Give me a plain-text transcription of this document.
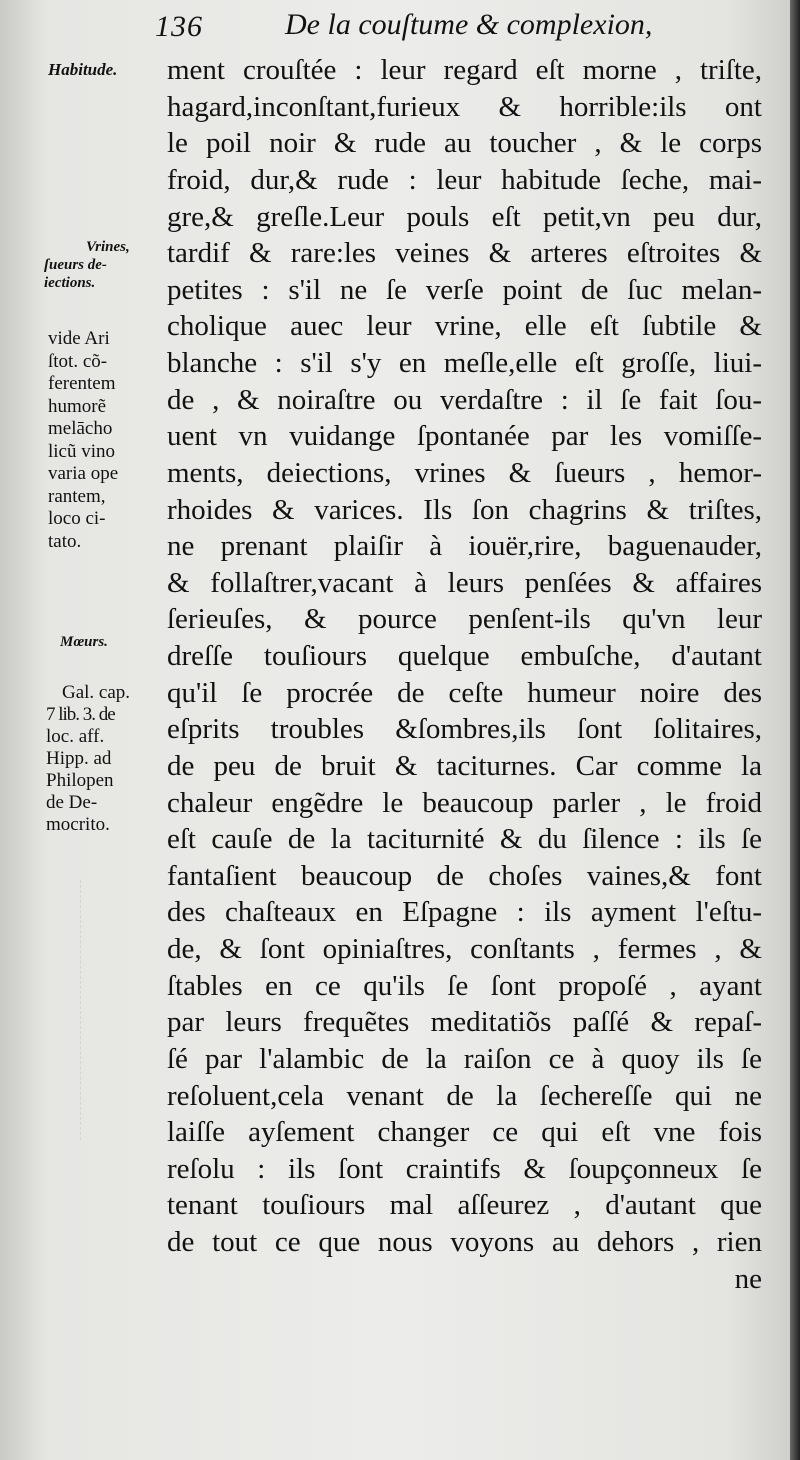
136	De la couſtume & complexion,
Habitude.
Vrines,
ſueurs de-
iections.
vide Ari
ſtot. cõ-
ferentem
humorẽ
melācho
licũ vino
varia ope
rantem,
loco ci-
tato.
Mœurs.
Gal. cap.
7 lib. 3. de
loc. aff.
Hipp. ad
Philopen
de De-
mocrito.
ment crouſtée : leur regard eſt morne , triſte,
hagard,inconſtant,furieux & horrible:ils ont
le poil noir & rude au toucher , & le corps
froid, dur,& rude : leur habitude ſeche, mai-
gre,& greſle.Leur pouls eſt petit,vn peu dur,
tardif & rare:les veines & arteres eſtroites &
petites : s'il ne ſe verſe point de ſuc melan-
cholique auec leur vrine, elle eſt ſubtile &
blanche : s'il s'y en meſle,elle eſt groſſe, liui-
de , & noiraſtre ou verdaſtre : il ſe fait ſou-
uent vn vuidange ſpontanée par les vomiſſe-
ments, deiections, vrines & ſueurs , hemor-
rhoides & varices. Ils ſon chagrins & triſtes,
ne prenant plaiſir à iouër,rire, baguenauder,
& follaſtrer,vacant à leurs penſées & affaires
ſerieuſes, & pource penſent-ils qu'vn leur
dreſſe touſiours quelque embuſche, d'autant
qu'il ſe procrée de ceſte humeur noire des
eſprits troubles &ſombres,ils ſont ſolitaires,
de peu de bruit & taciturnes. Car comme la
chaleur engẽdre le beaucoup parler , le froid
eſt cauſe de la taciturnité & du ſilence : ils ſe
fantaſient beaucoup de choſes vaines,& font
des chaſteaux en Eſpagne : ils ayment l'eſtu-
de, & ſont opiniaſtres, conſtants , fermes , &
ſtables en ce qu'ils ſe ſont propoſé , ayant
par leurs frequẽtes meditatiõs paſſé & repaſ-
ſé par l'alambic de la raiſon ce à quoy ils ſe
reſoluent,cela venant de la ſechereſſe qui ne
laiſſe ayſement changer ce qui eſt vne fois
reſolu : ils ſont craintifs & ſoupçonneux ſe
tenant touſiours mal aſſeurez , d'autant que
de tout ce que nous voyons au dehors , rien
ne
